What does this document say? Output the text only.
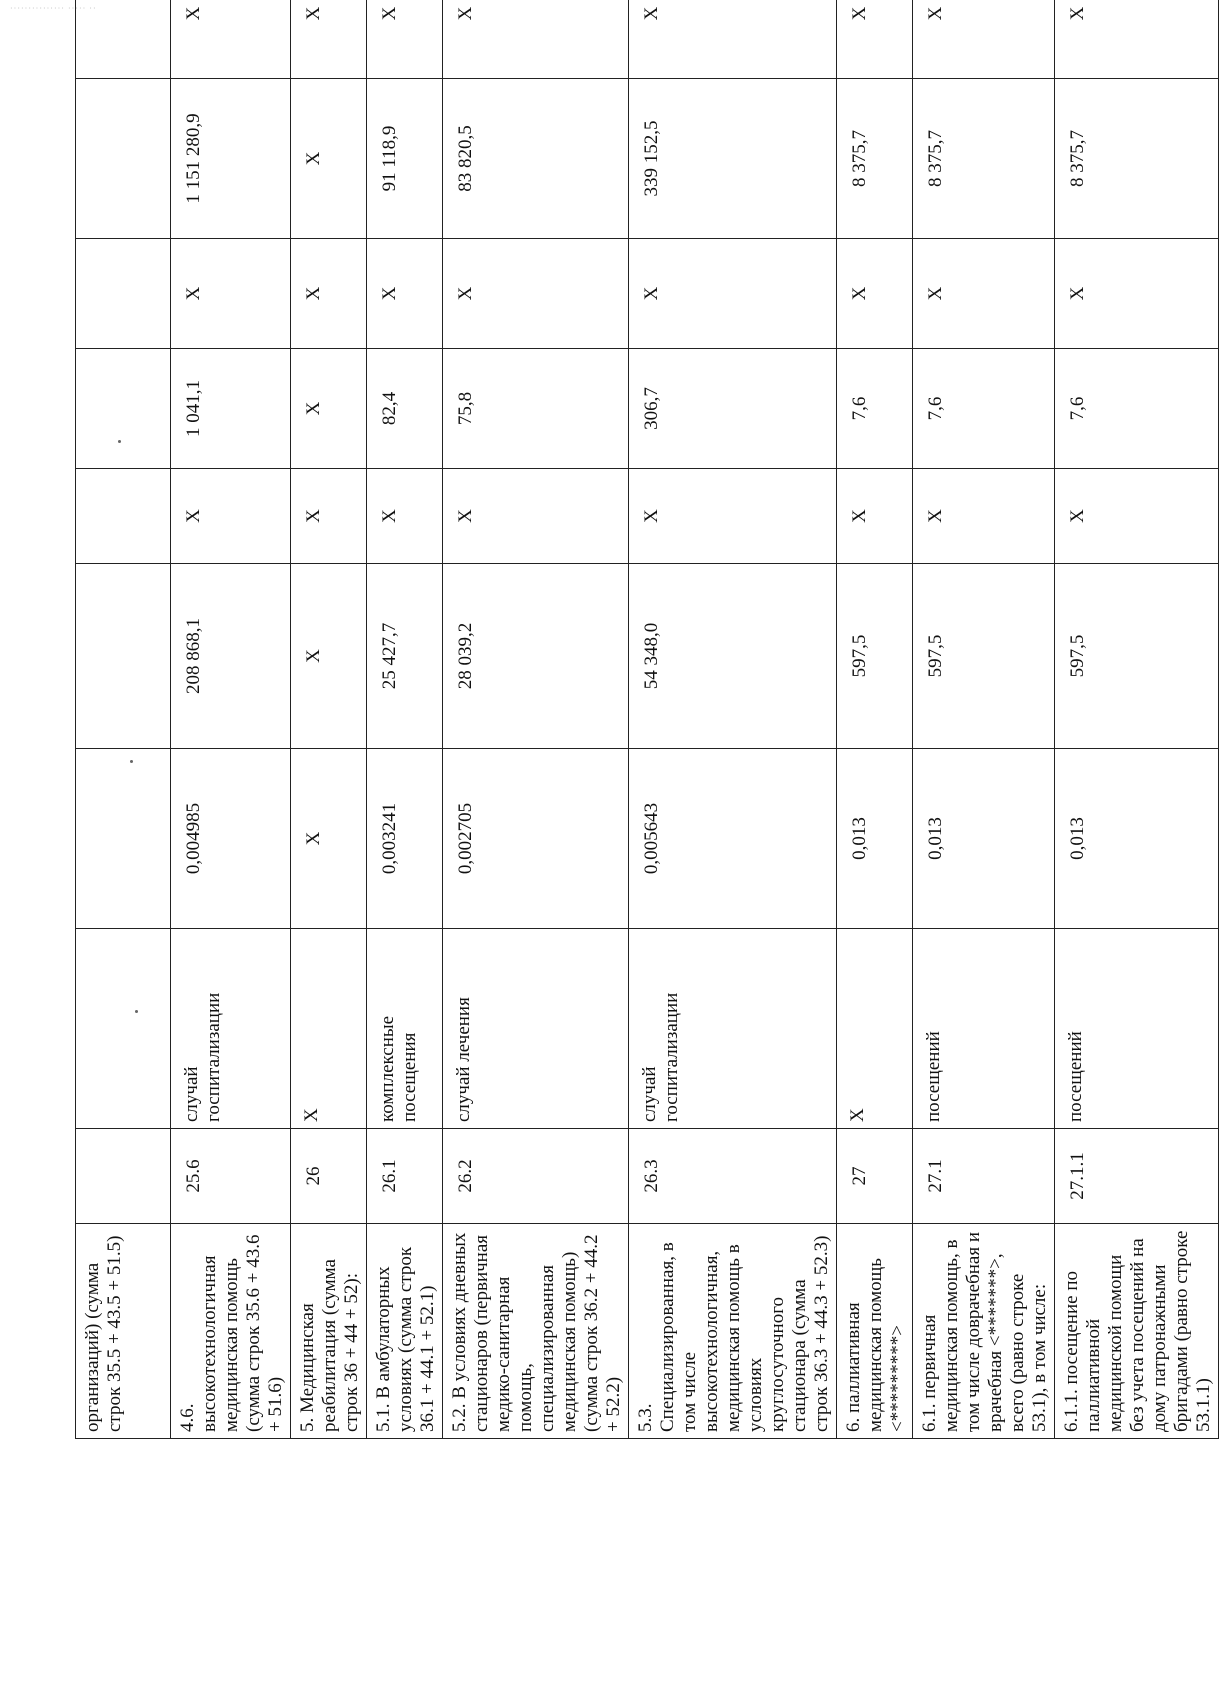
··············· ····· ··
организаций) (сумма строк 35.5 + 43.5 + 51.5)									
4.6. высокотехнологичная медицинская помощь (сумма строк 35.6 + 43.6 + 51.6)	25.6	случай госпитализации	0,004985	208 868,1	X	1 041,1	X	1 151 280,9	X
5. Медицинская реабилитация (сумма строк 36 + 44 + 52):	26	X	X	X	X	X	X	X	X
5.1. В амбулаторных условиях (сумма строк 36.1 + 44.1 + 52.1)	26.1	комплексные посещения	0,003241	25 427,7	X	82,4	X	91 118,9	X
5.2. В условиях дневных стационаров (первичная медико-санитарная помощь, специализированная медицинская помощь) (сумма строк 36.2 + 44.2 + 52.2)	26.2	случай лечения	0,002705	28 039,2	X	75,8	X	83 820,5	X
5.3. Специализированная, в том числе высокотехнологичная, медицинская помощь в условиях круглосуточного стационара (сумма строк 36.3 + 44.3 + 52.3)	26.3	случай госпитализации	0,005643	54 348,0	X	306,7	X	339 152,5	X
6. паллиативная медицинская помощь <*********>	27	X	0,013	597,5	X	7,6	X	8 375,7	X
6.1. первичная медицинская помощь, в том числе доврачебная и врачебная <*******>, всего (равно строке 53.1), в том числе:	27.1	посещений	0,013	597,5	X	7,6	X	8 375,7	X
6.1.1. посещение по паллиативной медицинской помощи без учета посещений на дому патронажными бригадами (равно строке 53.1.1)	27.1.1	посещений	0,013	597,5	X	7,6	X	8 375,7	X
